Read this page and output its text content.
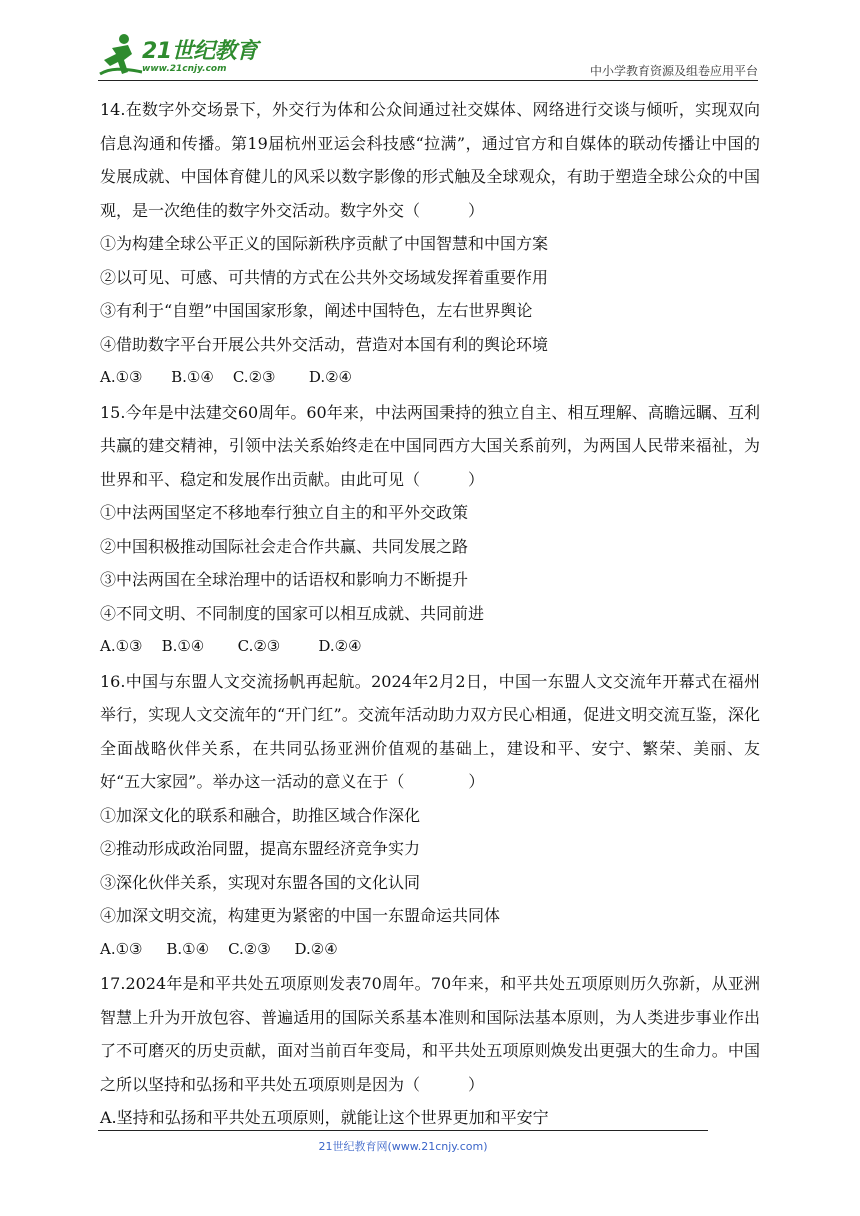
21世纪教育
www.21cnjy.com	中小学教育资源及组卷应用平台

14.在数字外交场景下，外交行为体和公众间通过社交媒体、网络进行交谈与倾听，实现双向信息沟通和传播。第19届杭州亚运会科技感“拉满”，通过官方和自媒体的联动传播让中国的发展成就、中国体育健儿的风采以数字影像的形式触及全球观众，有助于塑造全球公众的中国观，是一次绝佳的数字外交活动。数字外交（　　　）

①为构建全球公平正义的国际新秩序贡献了中国智慧和中国方案

②以可见、可感、可共情的方式在公共外交场域发挥着重要作用

③有利于“自塑”中国国家形象，阐述中国特色，左右世界舆论

④借助数字平台开展公共外交活动，营造对本国有利的舆论环境

A.①③      B.①④    C.②③       D.②④

15.今年是中法建交60周年。60年来，中法两国秉持的独立自主、相互理解、高瞻远瞩、互利共赢的建交精神，引领中法关系始终走在中国同西方大国关系前列，为两国人民带来福祉，为世界和平、稳定和发展作出贡献。由此可见（　　　）

①中法两国坚定不移地奉行独立自主的和平外交政策

②中国积极推动国际社会走合作共赢、共同发展之路

③中法两国在全球治理中的话语权和影响力不断提升

④不同文明、不同制度的国家可以相互成就、共同前进

A.①③    B.①④       C.②③        D.②④

16.中国与东盟人文交流扬帆再起航。2024年2月2日，中国一东盟人文交流年开幕式在福州举行，实现人文交流年的“开门红”。交流年活动助力双方民心相通，促进文明交流互鉴，深化全面战略伙伴关系，在共同弘扬亚洲价值观的基础上，建设和平、安宁、繁荣、美丽、友好“五大家园”。举办这一活动的意义在于（　　　　）

①加深文化的联系和融合，助推区域合作深化

②推动形成政治同盟，提高东盟经济竞争实力

③深化伙伴关系，实现对东盟各国的文化认同

④加深文明交流，构建更为紧密的中国一东盟命运共同体

A.①③     B.①④    C.②③     D.②④

17.2024年是和平共处五项原则发表70周年。70年来，和平共处五项原则历久弥新，从亚洲智慧上升为开放包容、普遍适用的国际关系基本准则和国际法基本原则，为人类进步事业作出了不可磨灭的历史贡献，面对当前百年变局，和平共处五项原则焕发出更强大的生命力。中国之所以坚持和弘扬和平共处五项原则是因为（　　　）

A.坚持和弘扬和平共处五项原则，就能让这个世界更加和平安宁

21世纪教育网(www.21cnjy.com)
